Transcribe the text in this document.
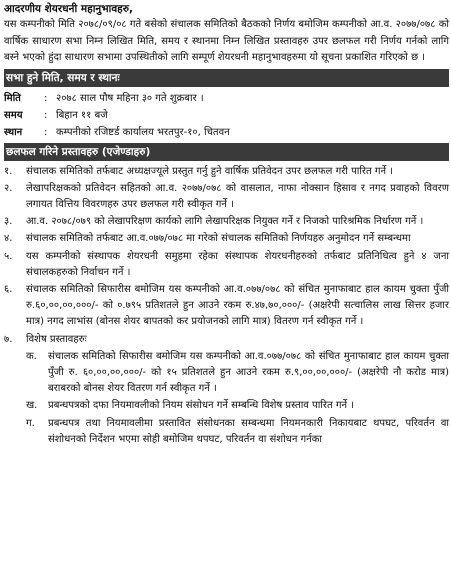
आदरणीय शेयरधनी महानुभावहरु,

यस कम्पनीको मिति २०७८/०९/०८ गते बसेको संचालक समितिको बैठकको निर्णय बमोजिम कम्पनीको आ.व. २०७७/०७८ को वार्षिक साधारण सभा निम्न लिखित मिति, समय र स्थानमा निम्न लिखित प्रस्तावहरु उपर छलफल गरी निर्णय गर्नको लागि बस्ने भएको हुंदा साधारण सभामा उपस्थितीको लागि सम्पूर्ण शेयरधनी महानुभावहरुमा यो सूचना प्रकाशित गरिएको छ ।

सभा हुने मिति, समय र स्थानः
मिति	: २०७८ साल पौष महिना ३० गते शुक्रबार ।
समय	: बिहान ११ बजे
स्थान	: कम्पनीको रजिष्टर्ड कार्यालय भरतपुर-१०, चितवन
छलफल गरिने प्रस्तावहरु (एजेण्डाहरु)
१.	संचालक समितिको तर्फबाट अध्यक्षज्यूले प्रस्तुत गर्नु हुने वार्षिक प्रतिवेदन उपर छलफल गरी पारित गर्ने ।
२.	लेखापरिक्षकको प्रतिवेदन सहितको आ.व. २०७७/०७८ को वासलात, नाफा नोक्सान हिसाव र नगद प्रवाहको विवरण लगायत वित्तिय विवरणहरु उपर छलफल गरी स्वीकृत गर्ने ।
३.	आ.व. २०७८/०७९ को लेखापरिक्षण कार्यको लागि लेखापरिक्षक नियुक्त गर्ने र निजको पारिश्रमिक निर्धारण गर्ने ।
४.	संचालक समितिको तर्फबाट आ.व.०७७/०७८ मा गरेको संचालक समितिको निर्णयहरु अनुमोदन गर्ने सम्बन्धमा
५.	यस कम्पनीको संस्थापक शेयरधनी समुहमा रहेका संस्थापक शेयरधनीहरुको तर्फबाट प्रतिनिधित्व हुने ४ जना संचालकहरुको निर्वाचन गर्ने ।
६.	संचालक समितिको सिफारीस बमोजिम यस कम्पनीको आ.व.०७७/०७८ को संचित मुनाफाबाट हाल कायम चुक्ता पुँजी रु.६०,००,००,०००/- को ०.७९५ प्रतिशतले हुन आउने रकम रु.४७,७०,०००/- (अक्षरेपी सत्चालिस लाख सित्तर हजार मात्र) नगद लाभांस (बोनस शेयर बापतको कर प्रयोजनको लागि मात्र) वितरण गर्न स्वीकृत गर्ने ।
७.	विशेष प्रस्तावहरुः
क.	संचालक समितिको सिफारीस बमोजिम यस कम्पनीको आ.व.०७७/०७८ को संचित मुनाफाबाट हाल कायम चुक्ता पुँजी रु. ६०,००,००,०००/- को १५ प्रतिशतले हुन आउने रकम रु.९,००,००,०००/- (अक्षरेपी नौ करोड मात्र) बराबरको बोनस शेयर वितरण गर्न स्वीकृत गर्ने ।
ख.	प्रबन्धपत्रको दफा नियमावलीको नियम संसोधन गर्ने सम्बन्धि विशेष प्रस्ताव पारित गर्ने ।
ग.	प्रबन्धपत्र तथा नियमावलीमा प्रस्तावित संसोधनका सम्बन्धमा नियमनकारी निकायबाट थपघट, परिवर्तन वा संशोधनको निर्देशन भएमा सोही बमोजिम थपघट, परिवर्तन वा संशोधन गर्नका
